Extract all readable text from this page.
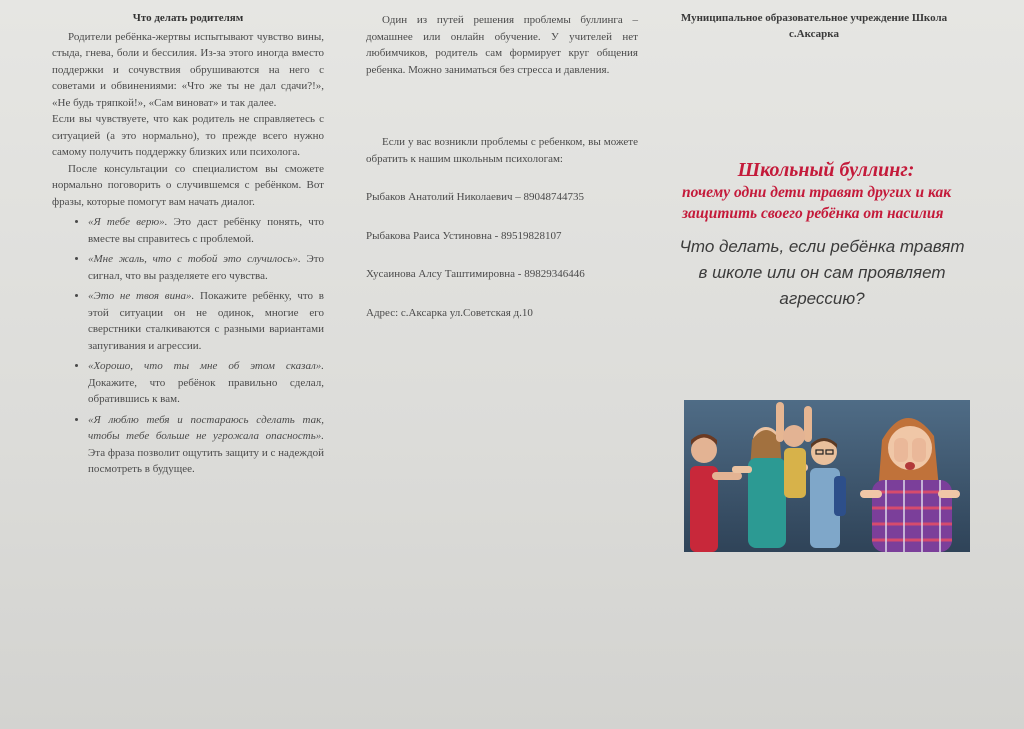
Что делать родителям

Родители ребёнка-жертвы испытывают чувство вины, стыда, гнева, боли и бессилия. Из-за этого иногда вместо поддержки и сочувствия обрушиваются на него с советами и обвинениями: «Что же ты не дал сдачи?!», «Не будь тряпкой!», «Сам виноват» и так далее.

Если вы чувствуете, что как родитель не справляетесь с ситуацией (а это нормально), то прежде всего нужно самому получить поддержку близких или психолога.

После консультации со специалистом вы сможете нормально поговорить о случившемся с ребёнком. Вот фразы, которые помогут вам начать диалог.

• «Я тебе верю». Это даст ребёнку понять, что вместе вы справитесь с проблемой.
• «Мне жаль, что с тобой это случилось». Это сигнал, что вы разделяете его чувства.
• «Это не твоя вина». Покажите ребёнку, что в этой ситуации он не одинок, многие его сверстники сталкиваются с разными вариантами запугивания и агрессии.
• «Хорошо, что ты мне об этом сказал». Докажите, что ребёнок правильно сделал, обратившись к вам.
• «Я люблю тебя и постараюсь сделать так, чтобы тебе больше не угрожала опасность». Эта фраза позволит ощутить защиту и с надеждой посмотреть в будущее.

Один из путей решения проблемы буллинга – домашнее или онлайн обучение. У учителей нет любимчиков, родитель сам формирует круг общения ребенка. Можно заниматься без стресса и давления.

Если у вас возникли проблемы с ребенком, вы можете обратить к нашим школьным психологам:

Рыбаков Анатолий Николаевич – 89048744735

Рыбакова Раиса Устиновна - 89519828107

Хусаинова Алсу Таштимировна - 89829346446

Адрес: с.Аксарка ул.Советская д.10

Муниципальное образовательное учреждение Школа с.Аксарка

Школьный буллинг:

почему одни дети травят других и как защитить своего ребёнка от насилия

Что делать, если ребёнка травят в школе или он сам проявляет агрессию?
